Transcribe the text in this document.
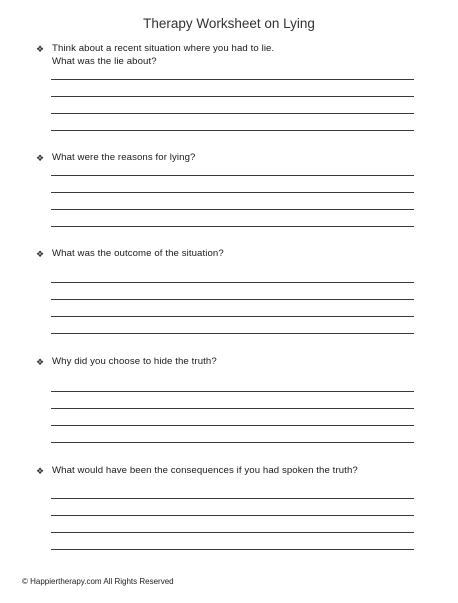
Therapy Worksheet on Lying
❖ Think about a recent situation where you had to lie.
What was the lie about?
❖ What were the reasons for lying?
❖ What was the outcome of the situation?
❖ Why did you choose to hide the truth?
❖ What would have been the consequences if you had spoken the truth?
© Happiertherapy.com All Rights Reserved
